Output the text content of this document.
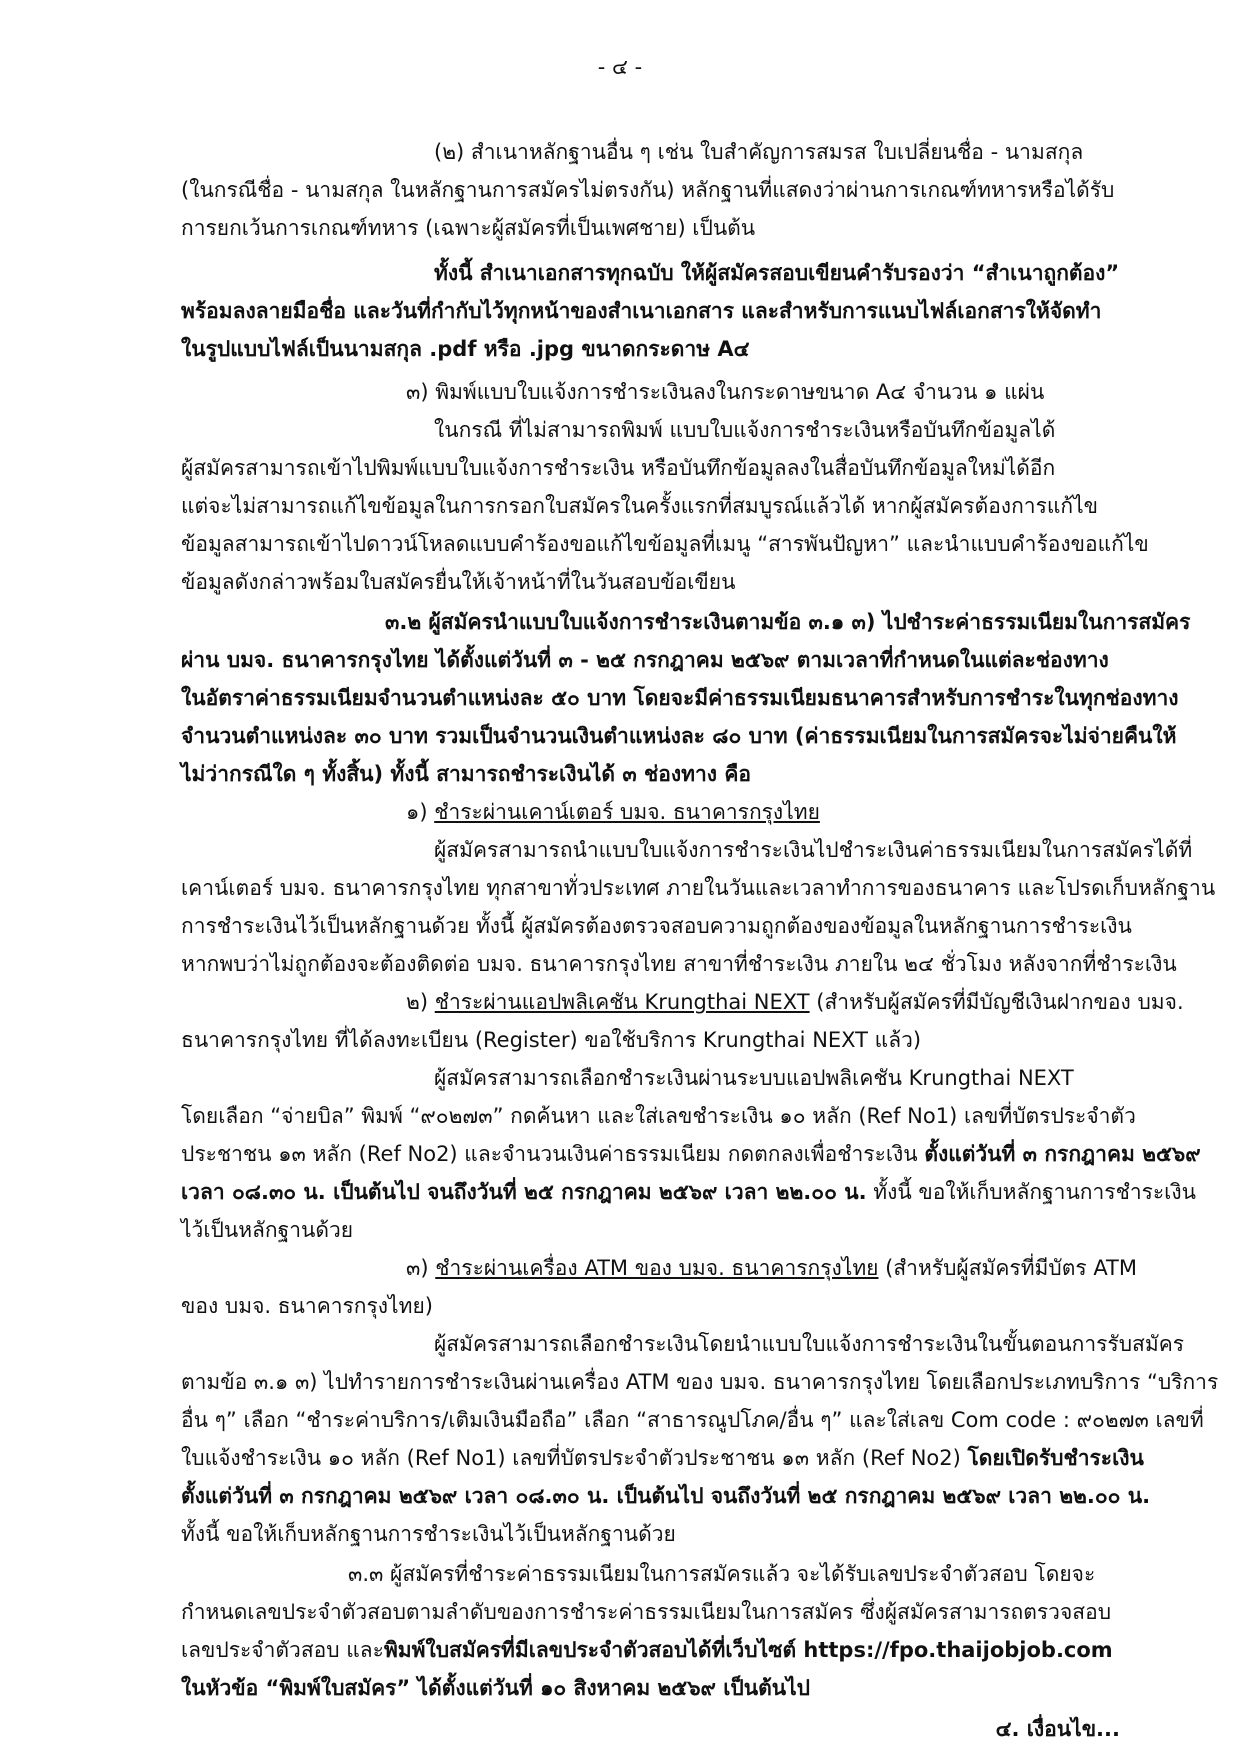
- ๔ -
(๒) สำเนาหลักฐานอื่น ๆ เช่น ใบสำคัญการสมรส ใบเปลี่ยนชื่อ - นามสกุล
(ในกรณีชื่อ - นามสกุล ในหลักฐานการสมัครไม่ตรงกัน) หลักฐานที่แสดงว่าผ่านการเกณฑ์ทหารหรือได้รับ
การยกเว้นการเกณฑ์ทหาร (เฉพาะผู้สมัครที่เป็นเพศชาย) เป็นต้น
ทั้งนี้ สำเนาเอกสารทุกฉบับ ให้ผู้สมัครสอบเขียนคำรับรองว่า “สำเนาถูกต้อง”
พร้อมลงลายมือชื่อ และวันที่กำกับไว้ทุกหน้าของสำเนาเอกสาร และสำหรับการแนบไฟล์เอกสารให้จัดทำ
ในรูปแบบไฟล์เป็นนามสกุล .pdf หรือ .jpg ขนาดกระดาษ A๔
๓) พิมพ์แบบใบแจ้งการชำระเงินลงในกระดาษขนาด A๔ จำนวน ๑ แผ่น
ในกรณี ที่ไม่สามารถพิมพ์ แบบใบแจ้งการชำระเงินหรือบันทึกข้อมูลได้
ผู้สมัครสามารถเข้าไปพิมพ์แบบใบแจ้งการชำระเงิน หรือบันทึกข้อมูลลงในสื่อบันทึกข้อมูลใหม่ได้อีก
แต่จะไม่สามารถแก้ไขข้อมูลในการกรอกใบสมัครในครั้งแรกที่สมบูรณ์แล้วได้ หากผู้สมัครต้องการแก้ไข
ข้อมูลสามารถเข้าไปดาวน์โหลดแบบคำร้องขอแก้ไขข้อมูลที่เมนู “สารพันปัญหา” และนำแบบคำร้องขอแก้ไข
ข้อมูลดังกล่าวพร้อมใบสมัครยื่นให้เจ้าหน้าที่ในวันสอบข้อเขียน
๓.๒ ผู้สมัครนำแบบใบแจ้งการชำระเงินตามข้อ ๓.๑ ๓) ไปชำระค่าธรรมเนียมในการสมัคร
ผ่าน บมจ. ธนาคารกรุงไทย ได้ตั้งแต่วันที่ ๓ - ๒๕ กรกฎาคม ๒๕๖๙ ตามเวลาที่กำหนดในแต่ละช่องทาง
ในอัตราค่าธรรมเนียมจำนวนตำแหน่งละ ๕๐ บาท โดยจะมีค่าธรรมเนียมธนาคารสำหรับการชำระในทุกช่องทาง
จำนวนตำแหน่งละ ๓๐ บาท รวมเป็นจำนวนเงินตำแหน่งละ ๘๐ บาท (ค่าธรรมเนียมในการสมัครจะไม่จ่ายคืนให้
ไม่ว่ากรณีใด ๆ ทั้งสิ้น) ทั้งนี้ สามารถชำระเงินได้ ๓ ช่องทาง คือ
๑) ชำระผ่านเคาน์เตอร์ บมจ. ธนาคารกรุงไทย
ผู้สมัครสามารถนำแบบใบแจ้งการชำระเงินไปชำระเงินค่าธรรมเนียมในการสมัครได้ที่
เคาน์เตอร์ บมจ. ธนาคารกรุงไทย ทุกสาขาทั่วประเทศ ภายในวันและเวลาทำการของธนาคาร และโปรดเก็บหลักฐาน
การชำระเงินไว้เป็นหลักฐานด้วย ทั้งนี้ ผู้สมัครต้องตรวจสอบความถูกต้องของข้อมูลในหลักฐานการชำระเงิน
หากพบว่าไม่ถูกต้องจะต้องติดต่อ บมจ. ธนาคารกรุงไทย สาขาที่ชำระเงิน ภายใน ๒๔ ชั่วโมง หลังจากที่ชำระเงิน
๒) ชำระผ่านแอปพลิเคชัน Krungthai NEXT (สำหรับผู้สมัครที่มีบัญชีเงินฝากของ บมจ.
ธนาคารกรุงไทย ที่ได้ลงทะเบียน (Register) ขอใช้บริการ Krungthai NEXT แล้ว)
ผู้สมัครสามารถเลือกชำระเงินผ่านระบบแอปพลิเคชัน Krungthai NEXT
โดยเลือก “จ่ายบิล” พิมพ์ “๙๐๒๗๓” กดค้นหา และใส่เลขชำระเงิน ๑๐ หลัก (Ref No1) เลขที่บัตรประจำตัว
ประชาชน ๑๓ หลัก (Ref No2) และจำนวนเงินค่าธรรมเนียม กดตกลงเพื่อชำระเงิน ตั้งแต่วันที่ ๓ กรกฎาคม ๒๕๖๙
เวลา ๐๘.๓๐ น. เป็นต้นไป จนถึงวันที่ ๒๕ กรกฎาคม ๒๕๖๙ เวลา ๒๒.๐๐ น. ทั้งนี้ ขอให้เก็บหลักฐานการชำระเงิน
ไว้เป็นหลักฐานด้วย
๓) ชำระผ่านเครื่อง ATM ของ บมจ. ธนาคารกรุงไทย (สำหรับผู้สมัครที่มีบัตร ATM
ของ บมจ. ธนาคารกรุงไทย)
ผู้สมัครสามารถเลือกชำระเงินโดยนำแบบใบแจ้งการชำระเงินในขั้นตอนการรับสมัคร
ตามข้อ ๓.๑ ๓) ไปทำรายการชำระเงินผ่านเครื่อง ATM ของ บมจ. ธนาคารกรุงไทย โดยเลือกประเภทบริการ “บริการ
อื่น ๆ” เลือก “ชำระค่าบริการ/เติมเงินมือถือ” เลือก “สาธารณูปโภค/อื่น ๆ” และใส่เลข Com code : ๙๐๒๗๓ เลขที่
ใบแจ้งชำระเงิน ๑๐ หลัก (Ref No1) เลขที่บัตรประจำตัวประชาชน ๑๓ หลัก (Ref No2) โดยเปิดรับชำระเงิน
ตั้งแต่วันที่ ๓ กรกฎาคม ๒๕๖๙ เวลา ๐๘.๓๐ น. เป็นต้นไป จนถึงวันที่ ๒๕ กรกฎาคม ๒๕๖๙ เวลา ๒๒.๐๐ น.
ทั้งนี้ ขอให้เก็บหลักฐานการชำระเงินไว้เป็นหลักฐานด้วย
๓.๓ ผู้สมัครที่ชำระค่าธรรมเนียมในการสมัครแล้ว จะได้รับเลขประจำตัวสอบ โดยจะ
กำหนดเลขประจำตัวสอบตามลำดับของการชำระค่าธรรมเนียมในการสมัคร ซึ่งผู้สมัครสามารถตรวจสอบ
เลขประจำตัวสอบ และพิมพ์ใบสมัครที่มีเลขประจำตัวสอบได้ที่เว็บไซต์ https://fpo.thaijobjob.com
ในหัวข้อ “พิมพ์ใบสมัคร” ได้ตั้งแต่วันที่ ๑๐ สิงหาคม ๒๕๖๙ เป็นต้นไป
๔. เงื่อนไข...
